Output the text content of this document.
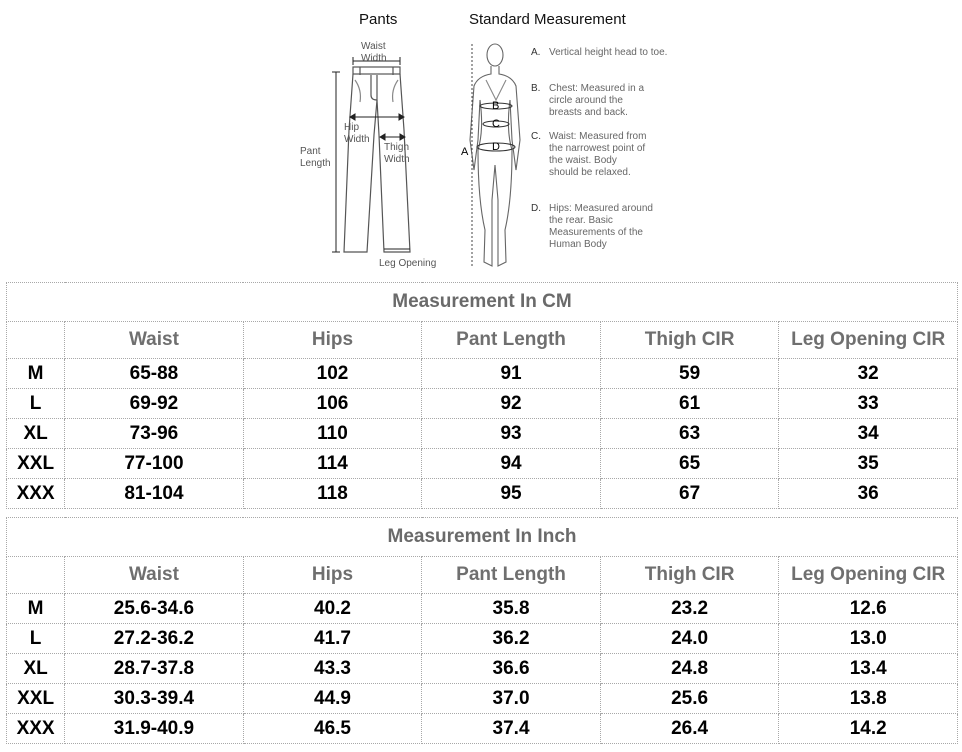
Pants	Standard Measurement
Waist
Width
Hip
Width
Pant
Length
Thigh
Width
Leg Opening
A
B
C
D
A. Vertical height head to toe.
B. Chest: Measured in a circle around the breasts and back.
C. Waist: Measured from the narrowest point of the waist. Body should be relaxed.
D. Hips: Measured around the rear. Basic Measurements of the Human Body
Measurement In CM					
	Waist	Hips	Pant Length	Thigh CIR	Leg Opening CIR
M	65-88	102	91	59	32
L	69-92	106	92	61	33
XL	73-96	110	93	63	34
XXL	77-100	114	94	65	35
XXX	81-104	118	95	67	36
Measurement In Inch					
	Waist	Hips	Pant Length	Thigh CIR	Leg Opening CIR
M	25.6-34.6	40.2	35.8	23.2	12.6
L	27.2-36.2	41.7	36.2	24.0	13.0
XL	28.7-37.8	43.3	36.6	24.8	13.4
XXL	30.3-39.4	44.9	37.0	25.6	13.8
XXX	31.9-40.9	46.5	37.4	26.4	14.2
